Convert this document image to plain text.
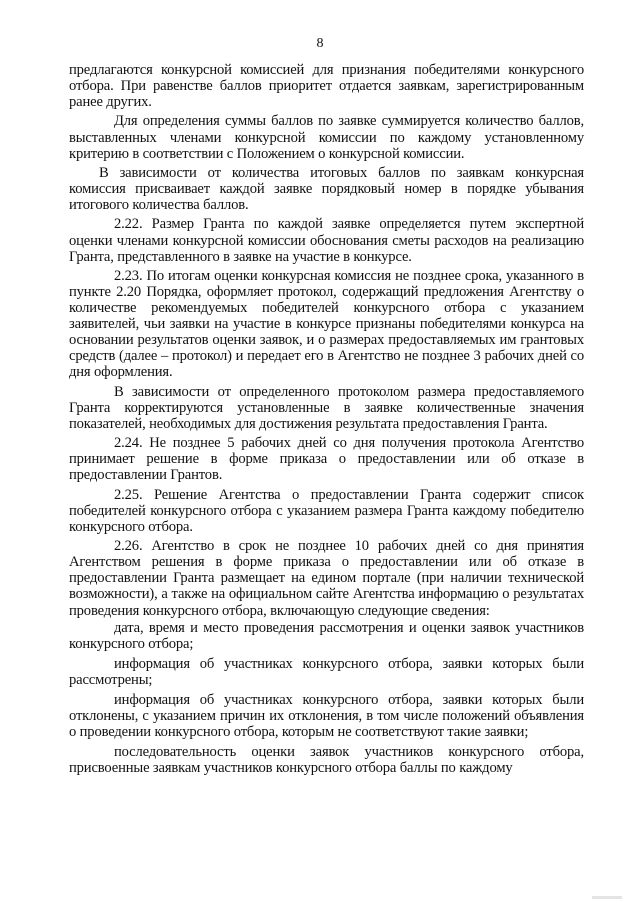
8

предлагаются конкурсной комиссией для признания победителями конкурсного отбора. При равенстве баллов приоритет отдается заявкам, зарегистрированным ранее других.

Для определения суммы баллов по заявке суммируется количество баллов, выставленных членами конкурсной комиссии по каждому установленному критерию в соответствии с Положением о конкурсной комиссии.

В зависимости от количества итоговых баллов по заявкам конкурсная комиссия присваивает каждой заявке порядковый номер в порядке убывания итогового количества баллов.

2.22. Размер Гранта по каждой заявке определяется путем экспертной оценки членами конкурсной комиссии обоснования сметы расходов на реализацию Гранта, представленного в заявке на участие в конкурсе.

2.23. По итогам оценки конкурсная комиссия не позднее срока, указанного в пункте 2.20 Порядка, оформляет протокол, содержащий предложения Агентству о количестве рекомендуемых победителей конкурсного отбора с указанием заявителей, чьи заявки на участие в конкурсе признаны победителями конкурса на основании результатов оценки заявок, и о размерах предоставляемых им грантовых средств (далее – протокол) и передает его в Агентство не позднее 3 рабочих дней со дня оформления.

В зависимости от определенного протоколом размера предоставляемого Гранта корректируются установленные в заявке количественные значения показателей, необходимых для достижения результата предоставления Гранта.

2.24. Не позднее 5 рабочих дней со дня получения протокола Агентство принимает решение в форме приказа о предоставлении или об отказе в предоставлении Грантов.

2.25. Решение Агентства о предоставлении Гранта содержит список победителей конкурсного отбора с указанием размера Гранта каждому победителю конкурсного отбора.

2.26. Агентство в срок не позднее 10 рабочих дней со дня принятия Агентством решения в форме приказа о предоставлении или об отказе в предоставлении Гранта размещает на едином портале (при наличии технической возможности), а также на официальном сайте Агентства информацию о результатах проведения конкурсного отбора, включающую следующие сведения:

дата, время и место проведения рассмотрения и оценки заявок участников конкурсного отбора;

информация об участниках конкурсного отбора, заявки которых были рассмотрены;

информация об участниках конкурсного отбора, заявки которых были отклонены, с указанием причин их отклонения, в том числе положений объявления о проведении конкурсного отбора, которым не соответствуют такие заявки;

последовательность оценки заявок участников конкурсного отбора, присвоенные заявкам участников конкурсного отбора баллы по каждому
